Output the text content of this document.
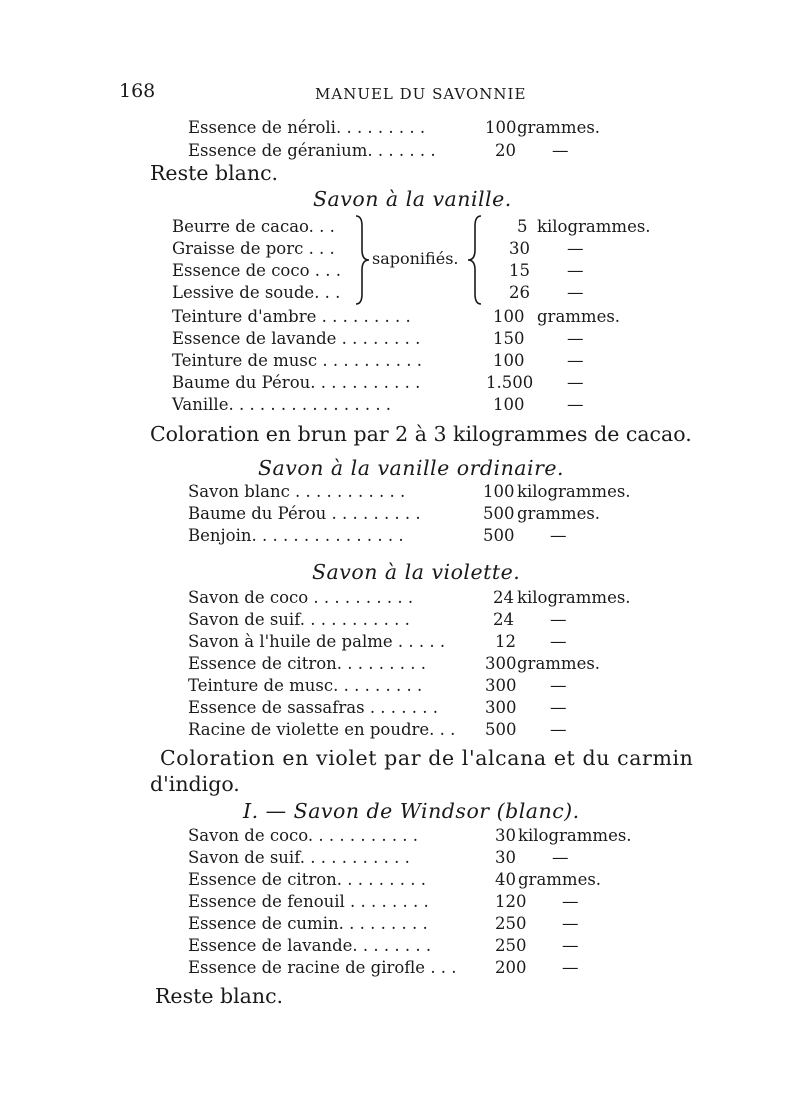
168	MANUEL DU SAVONNIE
Essence de néroli. . . . . . . . .	100 grammes.
Essence de géranium. . . . . . .	20 —
Reste blanc.
Savon à la vanille.
Beurre de cacao. . .	5 kilogrammes.
Graisse de porc . . .	30 —
Essence de coco . . .	15 —
Lessive de soude. . .	26 —
saponifiés.
Teinture d'ambre . . . . . . . . .	100 grammes.
Essence de lavande . . . . . . . .	150	—
Teinture de musc . . . . . . . . . .	100	—
Baume du Pérou. . . . . . . . . . .	1.500 —
Vanille. . . . . . . . . . . . . . . .	100	—
Coloration en brun par 2 à 3 kilogrammes de cacao.
Savon à la vanille ordinaire.
Savon blanc . . . . . . . . . . .	100 kilogrammes.
Baume du Pérou . . . . . . . . .	500 grammes.
Benjoin. . . . . . . . . . . . . . .	500 —
Savon à la violette.
Savon de coco . . . . . . . . . .	24 kilogrammes.
Savon de suif. . . . . . . . . . .	24 —
Savon à l'huile de palme . . . . .	12 —
Essence de citron. . . . . . . . .	300 grammes.
Teinture de musc. . . . . . . . .	300 —
Essence de sassafras . . . . . . .	300 —
Racine de violette en poudre. . . 500 —
Coloration en violet par de l'alcana et du carmin
d'indigo.
I. — Savon de Windsor (blanc).
Savon de coco. . . . . . . . . . .	30 kilogrammes.
Savon de suif. . . . . . . . . . .	30 —
Essence de citron. . . . . . . . .	40 grammes.
Essence de fenouil . . . . . . . .	120 —
Essence de cumin. . . . . . . . .	250 —
Essence de lavande. . . . . . . .	250 —
Essence de racine de girofle . . . 200 —
Reste blanc.
